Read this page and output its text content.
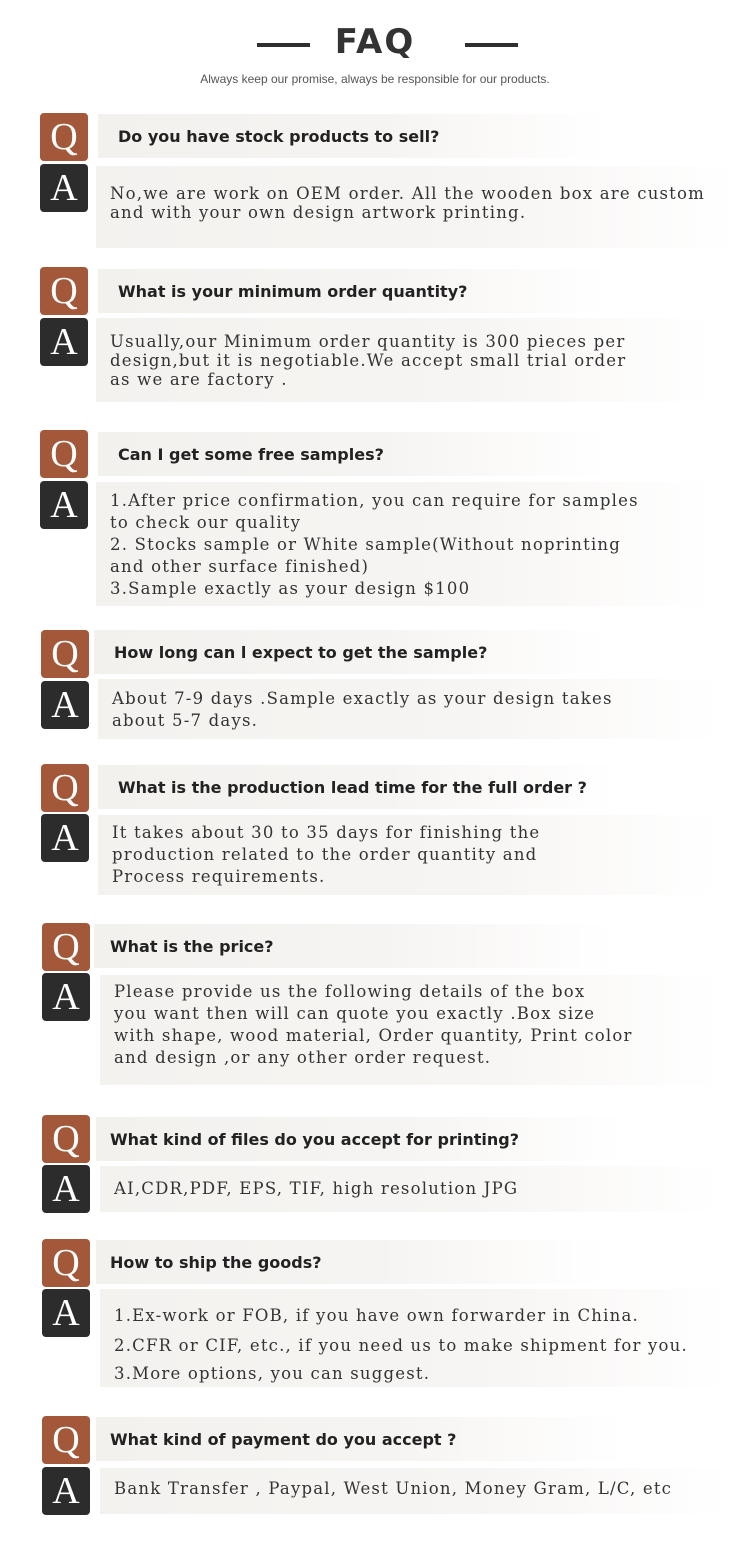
FAQ
Always keep our promise, always be responsible for our products.
Q	Do you have stock products to sell?
A	No,we are work on OEM order. All the wooden box are custom
and with your own design artwork printing.
Q	What is your minimum order quantity?
A	Usually,our Minimum order quantity is 300 pieces per
design,but it is negotiable.We accept small trial order
as we are factory .
Q	Can I get some free samples?
A	1.After price confirmation, you can require for samples
to check our quality
2. Stocks sample or White sample(Without noprinting
and other surface finished)
3.Sample exactly as your design $100
Q	How long can l expect to get the sample?
A	About 7-9 days .Sample exactly as your design takes
about 5-7 days.
Q	What is the production lead time for the full order ?
A	It takes about 30 to 35 days for finishing the
production related to the order quantity and
Process requirements.
Q	What is the price?
A	Please provide us the following details of the box
you want then will can quote you exactly .Box size
with shape, wood material, Order quantity, Print color
and design ,or any other order request.
Q	What kind of files do you accept for printing?
A	AI,CDR,PDF, EPS, TIF, high resolution JPG
Q	How to ship the goods?
A	1.Ex-work or FOB, if you have own forwarder in China.
2.CFR or CIF, etc., if you need us to make shipment for you.
3.More options, you can suggest.
Q	What kind of payment do you accept ?
A	Bank Transfer , Paypal, West Union, Money Gram, L/C, etc
